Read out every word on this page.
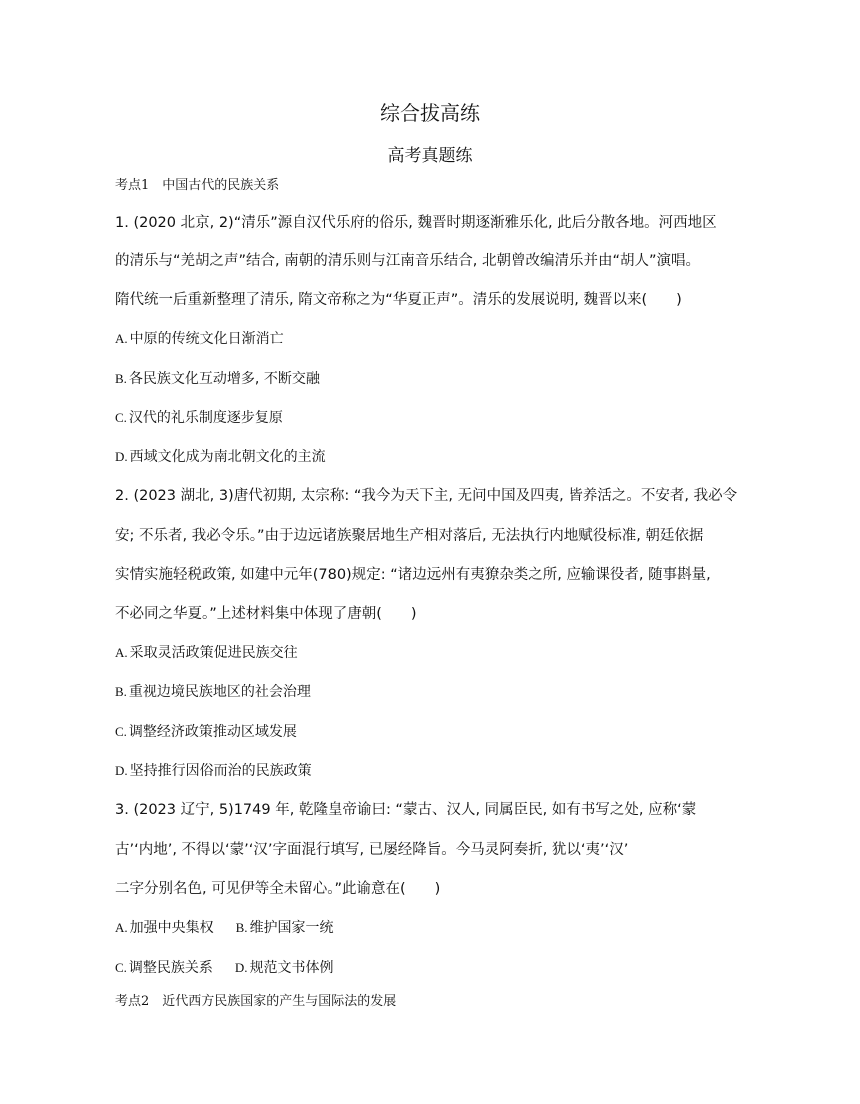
综合拔高练
高考真题练
考点1　中国古代的民族关系
1. (2020 北京, 2)“清乐”源自汉代乐府的俗乐, 魏晋时期逐渐雅乐化, 此后分散各地。河西地区
的清乐与“羌胡之声”结合, 南朝的清乐则与江南音乐结合, 北朝曾改编清乐并由“胡人”演唱。
隋代统一后重新整理了清乐, 隋文帝称之为“华夏正声”。清乐的发展说明, 魏晋以来(　　)
A. 中原的传统文化日渐消亡
B. 各民族文化互动增多, 不断交融
C. 汉代的礼乐制度逐步复原
D. 西域文化成为南北朝文化的主流
2. (2023 湖北, 3)唐代初期, 太宗称: “我今为天下主, 无问中国及四夷, 皆养活之。不安者, 我必令
安; 不乐者, 我必令乐。”由于边远诸族聚居地生产相对落后, 无法执行内地赋役标准, 朝廷依据
实情实施轻税政策, 如建中元年(780)规定: “诸边远州有夷獠杂类之所, 应输课役者, 随事斟量,
不必同之华夏。”上述材料集中体现了唐朝(　　)
A. 采取灵活政策促进民族交往
B. 重视边境民族地区的社会治理
C. 调整经济政策推动区域发展
D. 坚持推行因俗而治的民族政策
3. (2023 辽宁, 5)1749 年, 乾隆皇帝谕曰: “蒙古、汉人, 同属臣民, 如有书写之处, 应称‘蒙
古’‘内地’, 不得以‘蒙’‘汉’字面混行填写, 已屡经降旨。今马灵阿奏折, 犹以‘夷’‘汉’
二字分别名色, 可见伊等全未留心。”此谕意在(　　)
A. 加强中央集权 B. 维护国家一统
C. 调整民族关系 D. 规范文书体例
考点2　近代西方民族国家的产生与国际法的发展
